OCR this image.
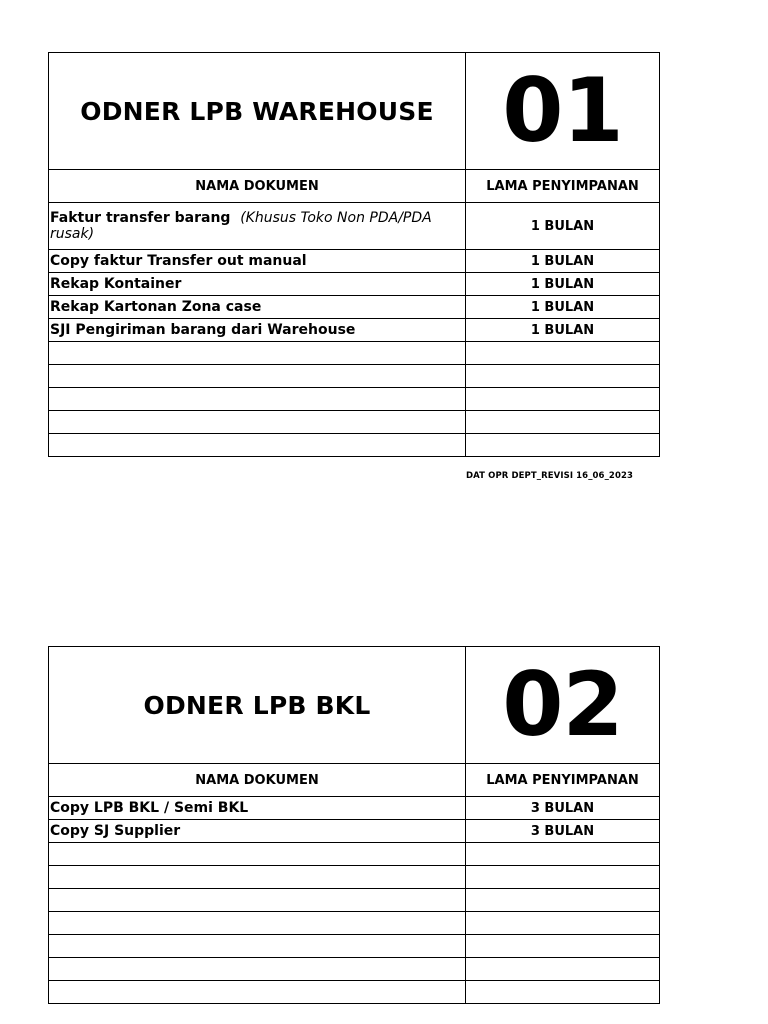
ODNER LPB WAREHOUSE	01
NAMA DOKUMEN	LAMA PENYIMPANAN
Faktur transfer barang (Khusus Toko Non PDA/PDA rusak)	1 BULAN
Copy faktur Transfer out manual	1 BULAN
Rekap Kontainer	1 BULAN
Rekap Kartonan Zona case	1 BULAN
SJI Pengiriman barang dari Warehouse	1 BULAN

DAT OPR DEPT_REVISI 16_06_2023
ODNER LPB BKL	02
NAMA DOKUMEN	LAMA PENYIMPANAN
Copy LPB BKL / Semi BKL	3 BULAN
Copy SJ Supplier	3 BULAN
